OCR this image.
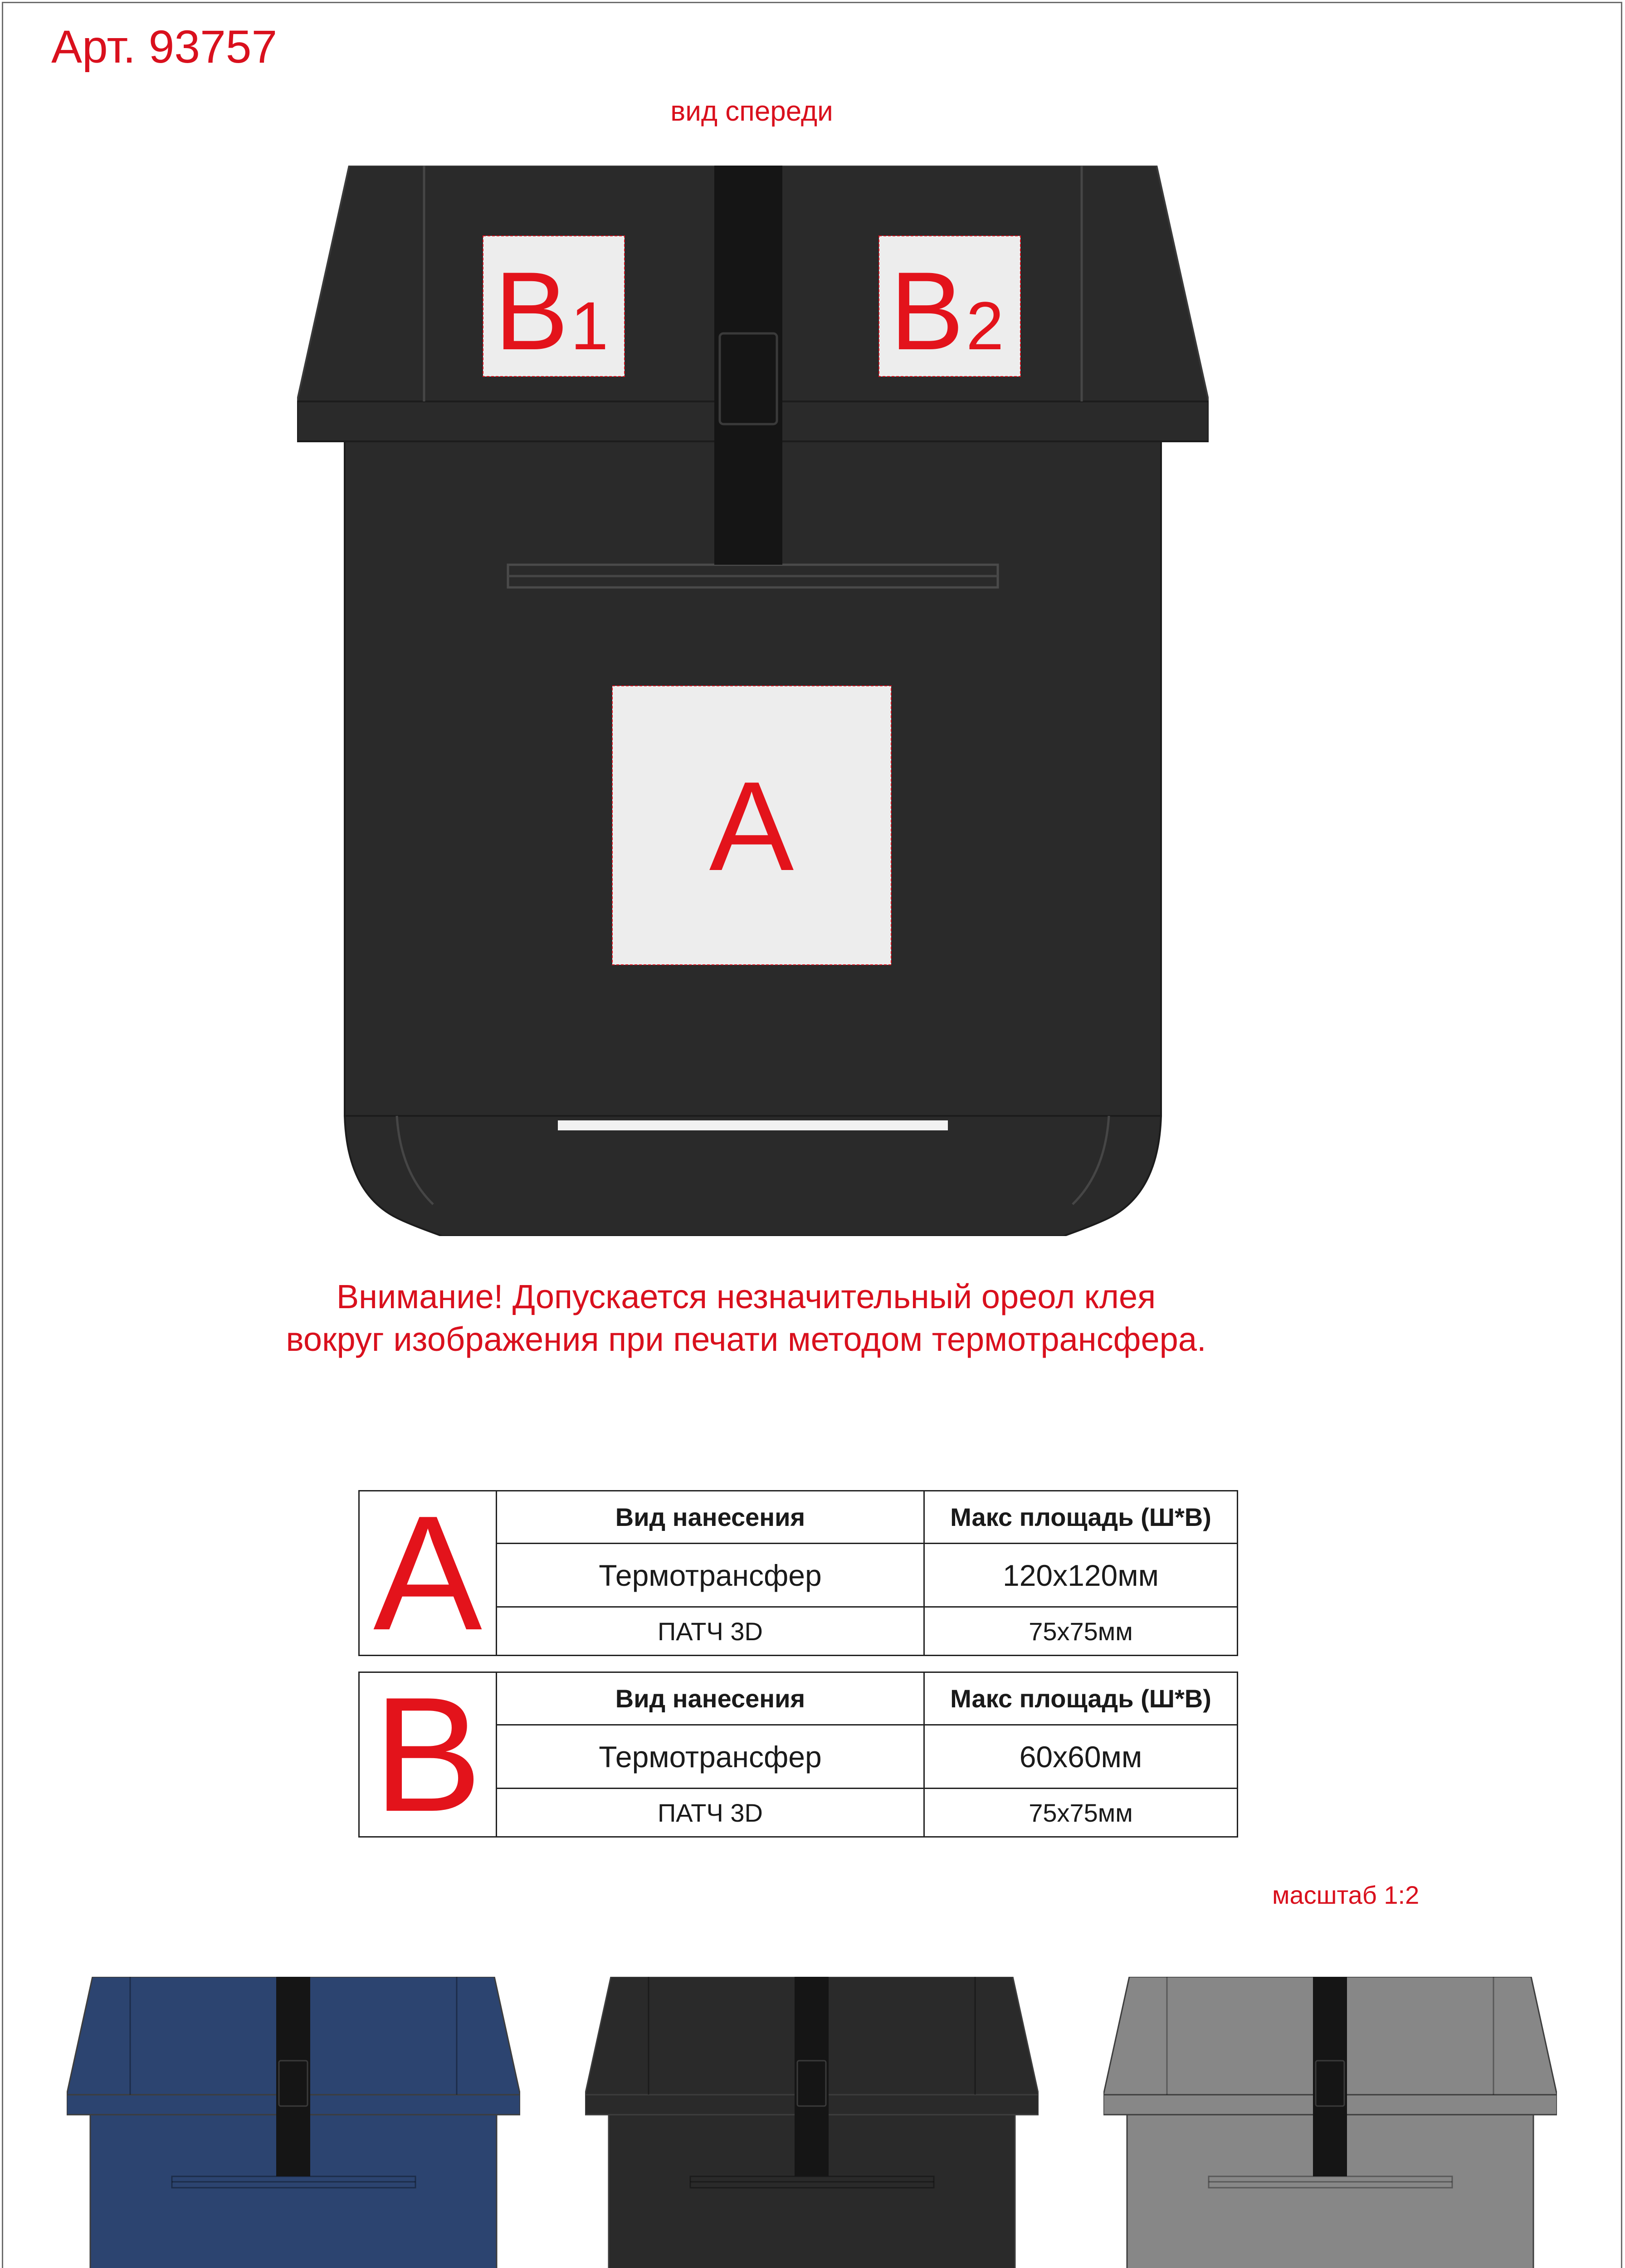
Арт. 93757
вид спереди
B 1	B 2
A
Внимание! Допускается незначительный ореол клея
вокруг изображения при печати методом термотрансфера.
A	Вид нанесения	Макс площадь (Ш*В)
	Термотрансфер	120x120мм
	ПАТЧ 3D	75x75мм
B	Вид нанесения	Макс площадь (Ш*В)
	Термотрансфер	60x60мм
	ПАТЧ 3D	75x75мм
масштаб 1:2
